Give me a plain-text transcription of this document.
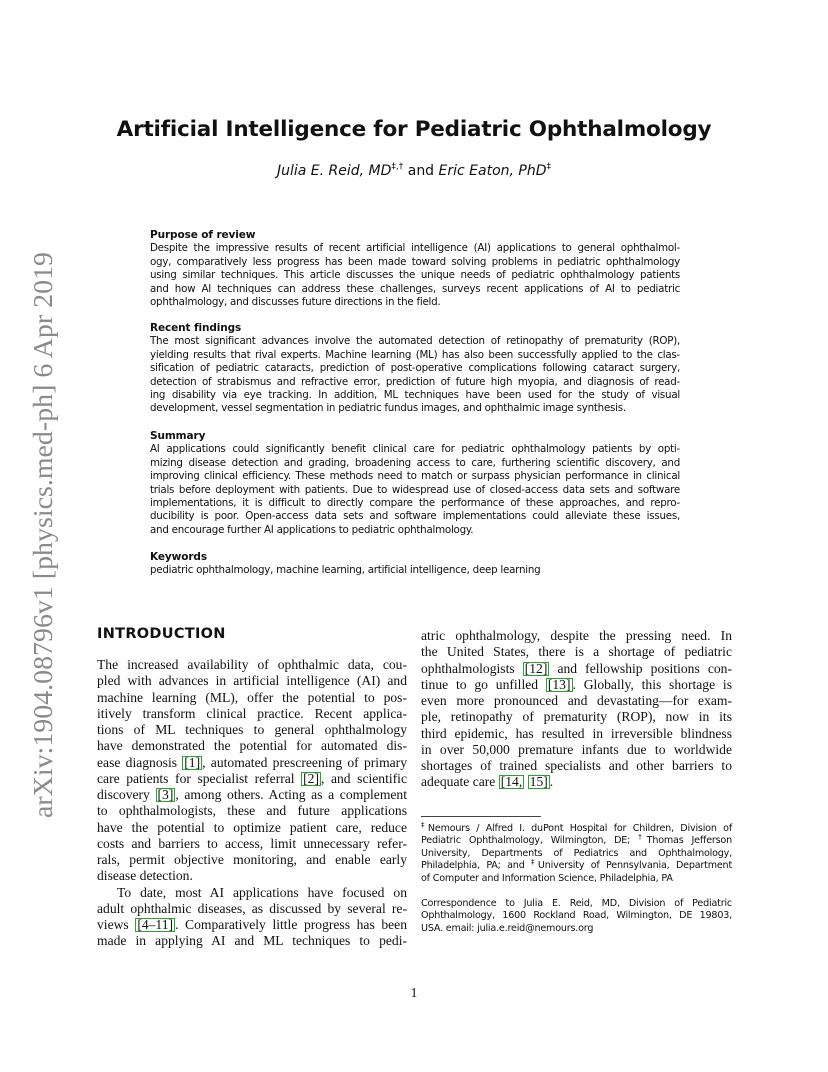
arXiv:1904.08796v1 [physics.med-ph] 6 Apr 2019
Artificial Intelligence for Pediatric Ophthalmology
Julia E. Reid, MD‡,† and Eric Eaton, PhD‡
Purpose of review
Despite the impressive results of recent artificial intelligence (AI) applications to general ophthalmol-
ogy, comparatively less progress has been made toward solving problems in pediatric ophthalmology
using similar techniques. This article discusses the unique needs of pediatric ophthalmology patients
and how AI techniques can address these challenges, surveys recent applications of AI to pediatric
ophthalmology, and discusses future directions in the field.
Recent findings
The most significant advances involve the automated detection of retinopathy of prematurity (ROP),
yielding results that rival experts. Machine learning (ML) has also been successfully applied to the clas-
sification of pediatric cataracts, prediction of post-operative complications following cataract surgery,
detection of strabismus and refractive error, prediction of future high myopia, and diagnosis of read-
ing disability via eye tracking. In addition, ML techniques have been used for the study of visual
development, vessel segmentation in pediatric fundus images, and ophthalmic image synthesis.
Summary
AI applications could significantly benefit clinical care for pediatric ophthalmology patients by opti-
mizing disease detection and grading, broadening access to care, furthering scientific discovery, and
improving clinical efficiency. These methods need to match or surpass physician performance in clinical
trials before deployment with patients. Due to widespread use of closed-access data sets and software
implementations, it is difficult to directly compare the performance of these approaches, and repro-
ducibility is poor. Open-access data sets and software implementations could alleviate these issues,
and encourage further AI applications to pediatric ophthalmology.
Keywords
pediatric ophthalmology, machine learning, artificial intelligence, deep learning
INTRODUCTION
The increased availability of ophthalmic data, cou-
pled with advances in artificial intelligence (AI) and
machine learning (ML), offer the potential to pos-
itively transform clinical practice. Recent applica-
tions of ML techniques to general ophthalmology
have demonstrated the potential for automated dis-
ease diagnosis [1] , automated prescreening of primary
care patients for specialist referral [2] , and scientific
discovery [3] , among others. Acting as a complement
to ophthalmologists, these and future applications
have the potential to optimize patient care, reduce
costs and barriers to access, limit unnecessary refer-
rals, permit objective monitoring, and enable early
disease detection.
To date, most AI applications have focused on
adult ophthalmic diseases, as discussed by several re-
views [4–11] . Comparatively little progress has been
made in applying AI and ML techniques to pedi-
atric ophthalmology, despite the pressing need. In
the United States, there is a shortage of pediatric
ophthalmologists [12] and fellowship positions con-
tinue to go unfilled [13] . Globally, this shortage is
even more pronounced and devastating—for exam-
ple, retinopathy of prematurity (ROP), now in its
third epidemic, has resulted in irreversible blindness
in over 50,000 premature infants due to worldwide
shortages of trained specialists and other barriers to
adequate care [14, 15] .
‡Nemours / Alfred I. duPont Hospital for Children, Division of
Pediatric Ophthalmology, Wilmington, DE; †Thomas Jefferson
University, Departments of Pediatrics and Ophthalmology,
Philadelphia, PA; and ‡University of Pennsylvania, Department
of Computer and Information Science, Philadelphia, PA
Correspondence to Julia E. Reid, MD, Division of Pediatric
Ophthalmology, 1600 Rockland Road, Wilmington, DE 19803,
USA. email: julia.e.reid@nemours.org
1
